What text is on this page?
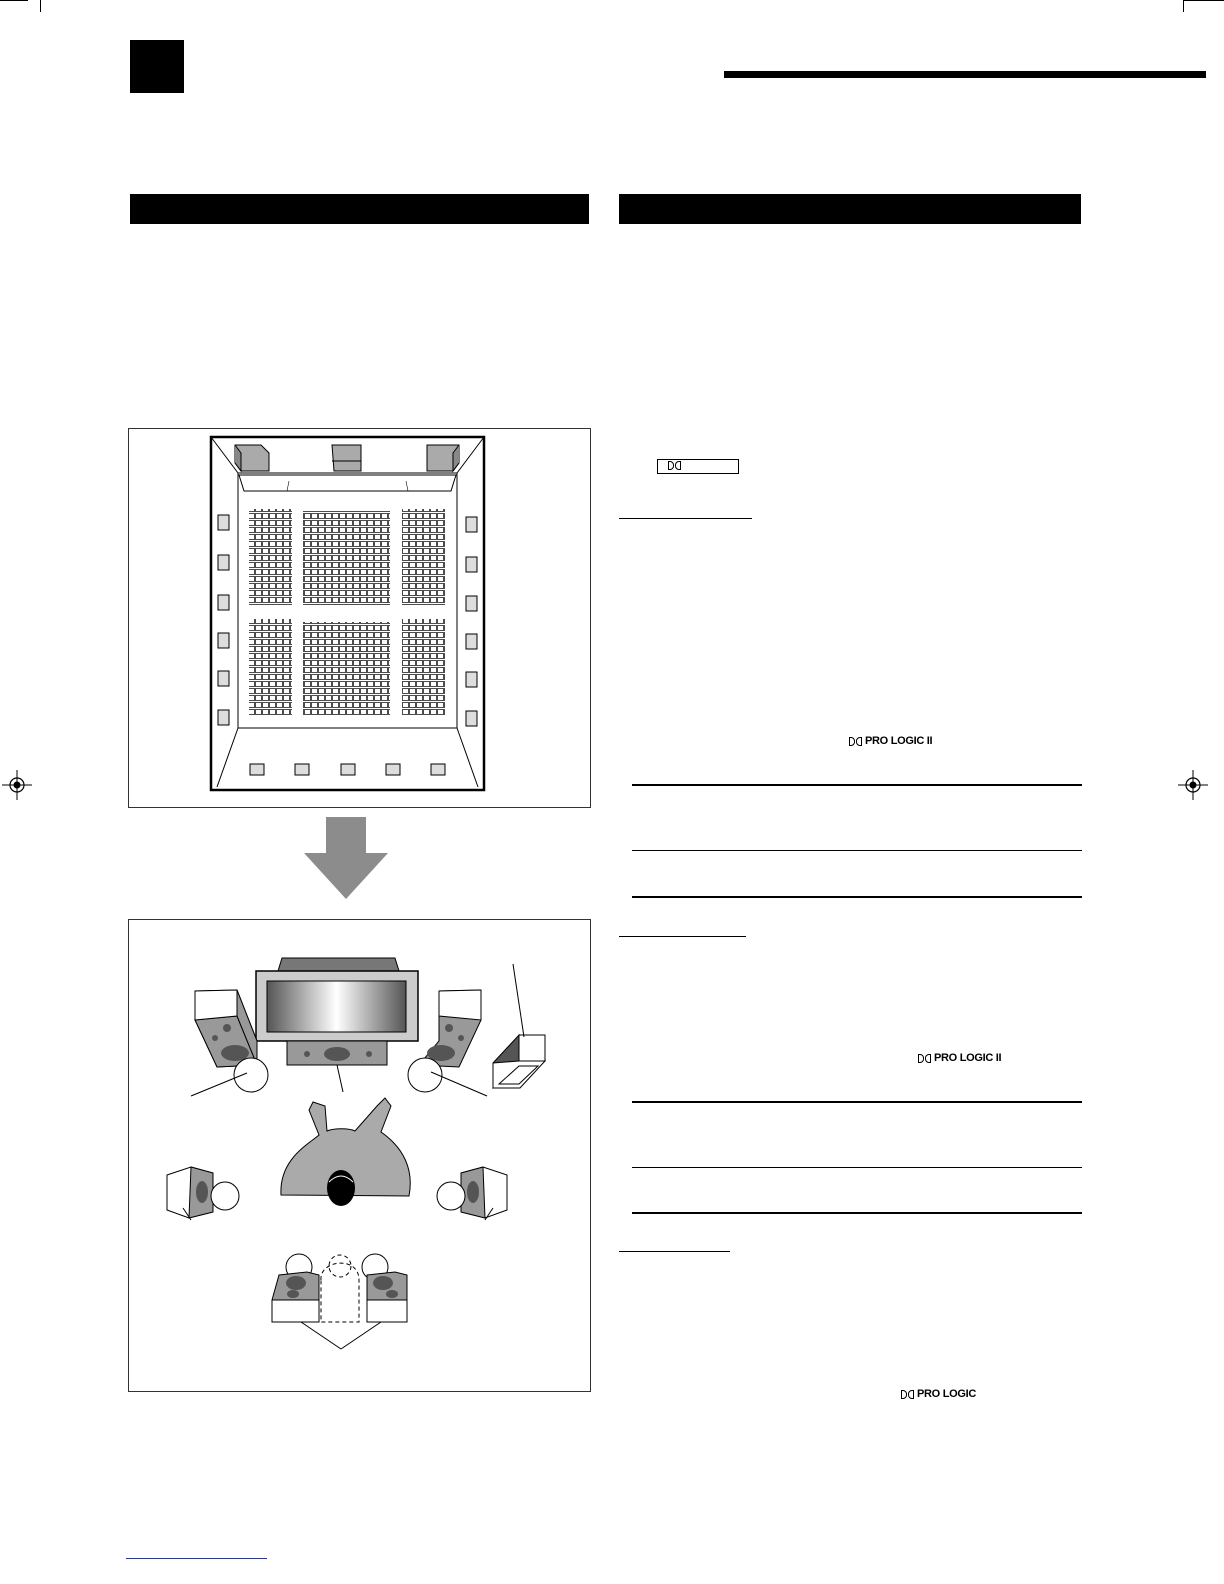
PRO LOGIC II
PRO LOGIC II
PRO LOGIC
